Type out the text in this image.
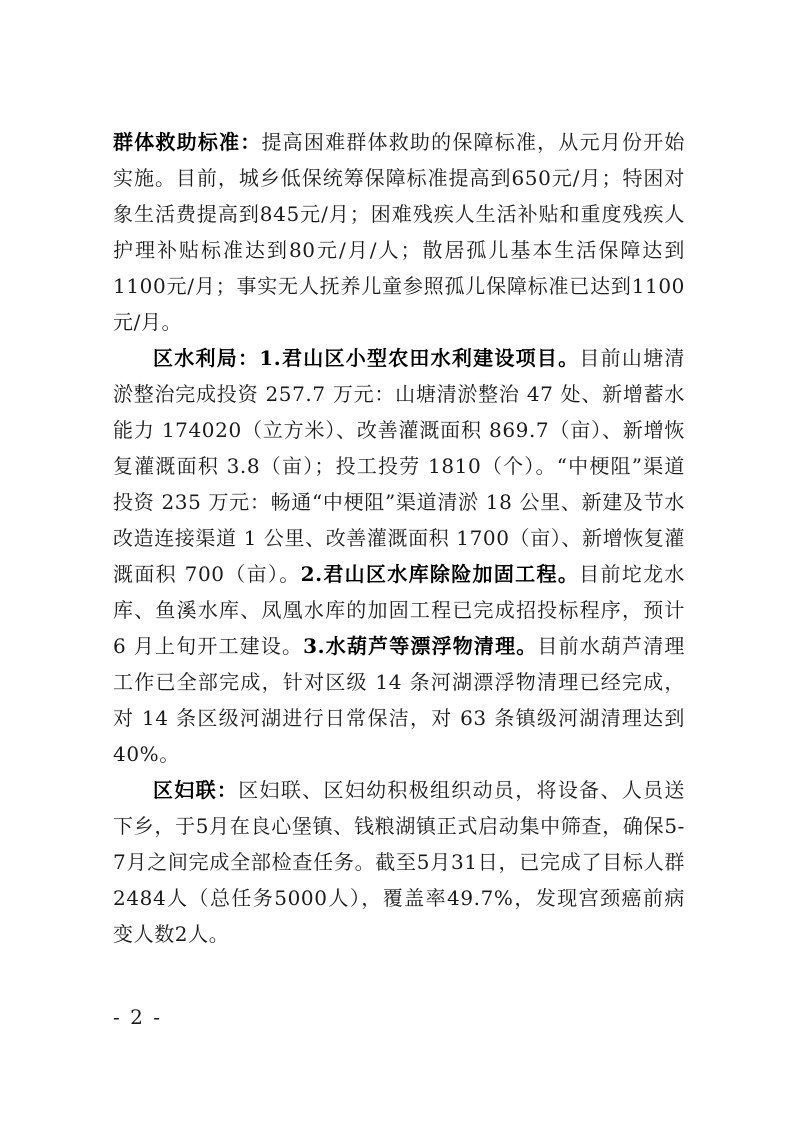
群体救助标准：提高困难群体救助的保障标准，从元月份开始实施。目前，城乡低保统筹保障标准提高到650元/月；特困对象生活费提高到845元/月；困难残疾人生活补贴和重度残疾人护理补贴标准达到80元/月/人；散居孤儿基本生活保障达到1100元/月；事实无人抚养儿童参照孤儿保障标准已达到1100元/月。

区水利局：1.君山区小型农田水利建设项目。目前山塘清淤整治完成投资 257.7 万元：山塘清淤整治 47 处、新增蓄水能力 174020（立方米）、改善灌溉面积 869.7（亩）、新增恢复灌溉面积 3.8（亩）；投工投劳 1810（个）。“中梗阻”渠道投资 235 万元：畅通“中梗阻”渠道清淤 18 公里、新建及节水改造连接渠道 1 公里、改善灌溉面积 1700（亩）、新增恢复灌溉面积 700（亩）。2.君山区水库除险加固工程。目前坨龙水库、鱼溪水库、凤凰水库的加固工程已完成招投标程序，预计 6 月上旬开工建设。3.水葫芦等漂浮物清理。目前水葫芦清理工作已全部完成，针对区级 14 条河湖漂浮物清理已经完成，对 14 条区级河湖进行日常保洁，对 63 条镇级河湖清理达到 40%。

区妇联：区妇联、区妇幼积极组织动员，将设备、人员送下乡，于5月在良心堡镇、钱粮湖镇正式启动集中筛查，确保5-7月之间完成全部检查任务。截至5月31日，已完成了目标人群2484人（总任务5000人），覆盖率49.7%，发现宫颈癌前病变人数2人。

- 2 -
